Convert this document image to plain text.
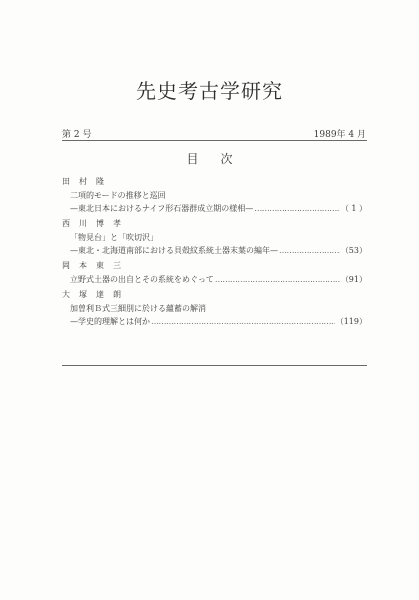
先史考古学研究
第 2 号	1989年 4 月
目次
田村隆
二項的モードの推移と巡回
—東北日本におけるナイフ形石器群成立期の様相— ………………………………………………………………………………………………………………………………	（ 1 ）
西川博孝
「物見台」と「吹切沢」
—東北・北海道南部における貝殻紋系統土器末葉の編年— ………………………………………………………………………………………………………………………………	（53）
岡本東三
立野式土器の出自とその系統をめぐって ………………………………………………………………………………………………………………………………	（91）
大塚達朗
加曽利Ｂ式三細別に於ける蘊蓄の解消
—学史的理解とは何か ………………………………………………………………………………………………………………………………	（119）
